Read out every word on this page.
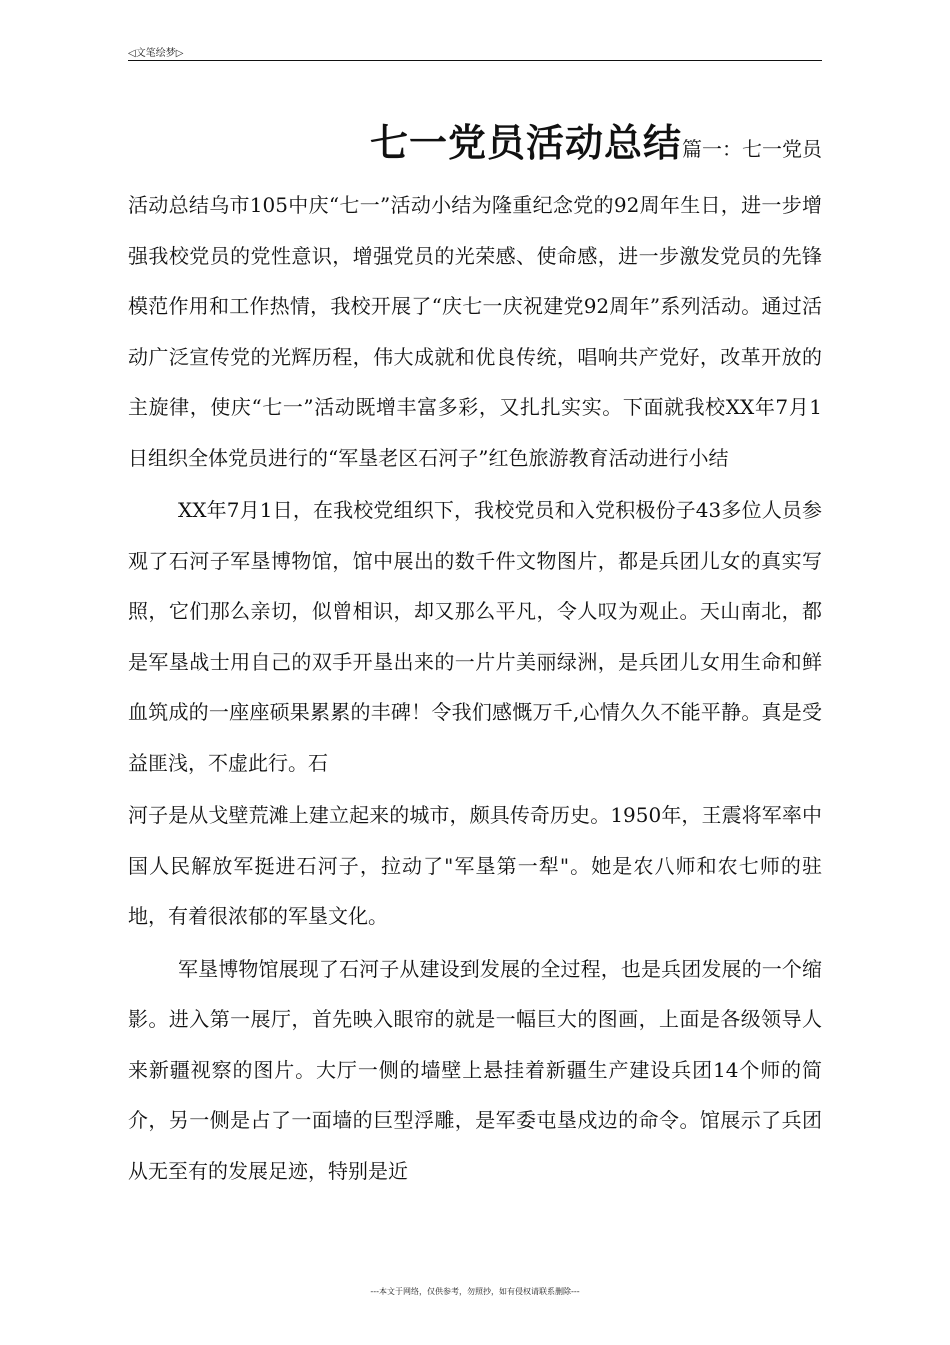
◁文笔绘梦▷
七一党员活动总结篇一：七一党员

活动总结乌市105中庆“七一”活动小结为隆重纪念党的92周年生日，进一步增强我校党员的党性意识，增强党员的光荣感、使命感，进一步激发党员的先锋模范作用和工作热情，我校开展了“庆七一庆祝建党92周年”系列活动。通过活动广泛宣传党的光辉历程，伟大成就和优良传统，唱响共产党好，改革开放的主旋律，使庆“七一”活动既增丰富多彩，又扎扎实实。下面就我校XX年7月1日组织全体党员进行的“军垦老区石河子”红色旅游教育活动进行小结

XX年7月1日，在我校党组织下，我校党员和入党积极份子43多位人员参观了石河子军垦博物馆，馆中展出的数千件文物图片，都是兵团儿女的真实写照，它们那么亲切，似曾相识，却又那么平凡，令人叹为观止。天山南北，都是军垦战士用自己的双手开垦出来的一片片美丽绿洲，是兵团儿女用生命和鲜血筑成的一座座硕果累累的丰碑！令我们感慨万千,心情久久不能平静。真是受益匪浅，不虚此行。石

河子是从戈壁荒滩上建立起来的城市，颇具传奇历史。1950年，王震将军率中国人民解放军挺进石河子，拉动了"军垦第一犁"。她是农八师和农七师的驻地，有着很浓郁的军垦文化。

军垦博物馆展现了石河子从建设到发展的全过程，也是兵团发展的一个缩影。进入第一展厅，首先映入眼帘的就是一幅巨大的图画，上面是各级领导人来新疆视察的图片。大厅一侧的墙壁上悬挂着新疆生产建设兵团14个师的简介，另一侧是占了一面墙的巨型浮雕，是军委屯垦戍边的命令。馆展示了兵团从无至有的发展足迹，特别是近

---本文于网络，仅供参考，勿照抄，如有侵权请联系删除---
